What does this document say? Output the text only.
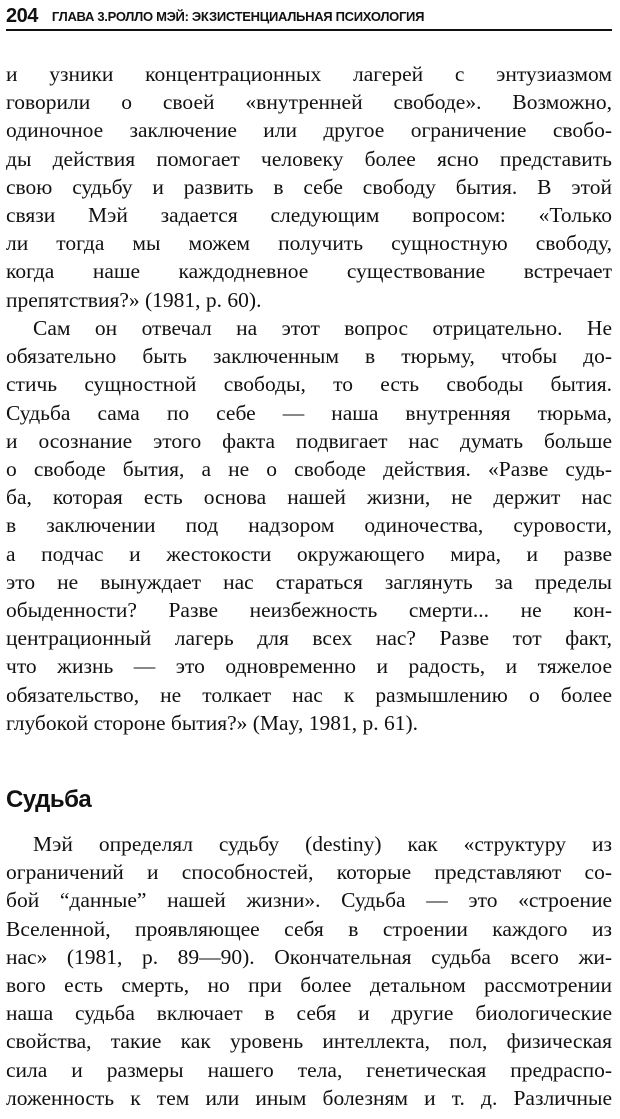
204 ГЛАВА 3.РОЛЛО МЭЙ: ЭКЗИСТЕНЦИАЛЬНАЯ ПСИХОЛОГИЯ
и узники концентрационных лагерей с энтузиазмом
говорили о своей «внутренней свободе». Возможно,
одиночное заключение или другое ограничение свобо-
ды действия помогает человеку более ясно представить
свою судьбу и развить в себе свободу бытия. В этой
связи Мэй задается следующим вопросом: «Только
ли тогда мы можем получить сущностную свободу,
когда наше каждодневное существование встречает
препятствия?» (1981, p. 60).
Сам он отвечал на этот вопрос отрицательно. Не
обязательно быть заключенным в тюрьму, чтобы до-
стичь сущностной свободы, то есть свободы бытия.
Судьба сама по себе — наша внутренняя тюрьма,
и осознание этого факта подвигает нас думать больше
о свободе бытия, а не о свободе действия. «Разве судь-
ба, которая есть основа нашей жизни, не держит нас
в заключении под надзором одиночества, суровости,
а подчас и жестокости окружающего мира, и разве
это не вынуждает нас стараться заглянуть за пределы
обыденности? Разве неизбежность смерти... не кон-
центрационный лагерь для всех нас? Разве тот факт,
что жизнь — это одновременно и радость, и тяжелое
обязательство, не толкает нас к размышлению о более
глубокой стороне бытия?» (May, 1981, p. 61).
Судьба
Мэй определял судьбу (destiny) как «структуру из
ограничений и способностей, которые представляют со-
бой “данные” нашей жизни». Судьба — это «строение
Вселенной, проявляющее себя в строении каждого из
нас» (1981, p. 89—90). Окончательная судьба всего жи-
вого есть смерть, но при более детальном рассмотрении
наша судьба включает в себя и другие биологические
свойства, такие как уровень интеллекта, пол, физическая
сила и размеры нашего тела, генетическая предраспо-
ложенность к тем или иным болезням и т. д. Различные
